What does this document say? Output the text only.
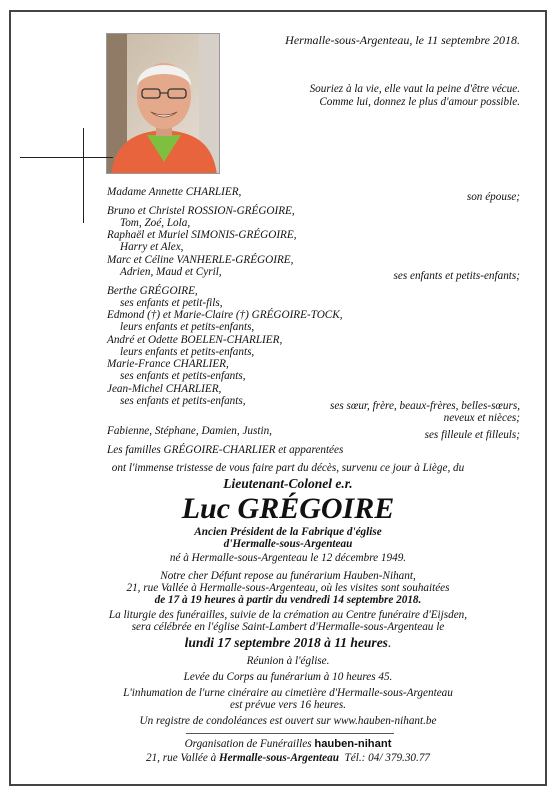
Hermalle-sous-Argenteau, le 11 septembre 2018.
Souriez à la vie, elle vaut la peine d'être vécue.
Comme lui, donnez le plus d'amour possible.
Madame Annette CHARLIER,	son épouse;
Bruno et Christel ROSSION-GRÉGOIRE,
Tom, Zoé, Lola,
Raphaël et Muriel SIMONIS-GRÉGOIRE,
Harry et Alex,
Marc et Céline VANHERLE-GRÉGOIRE,
Adrien, Maud et Cyril,	ses enfants et petits-enfants;
Berthe GRÉGOIRE,
ses enfants et petit-fils,
Edmond (†) et Marie-Claire (†) GRÉGOIRE-TOCK,
leurs enfants et petits-enfants,
André et Odette BOELEN-CHARLIER,
leurs enfants et petits-enfants,
Marie-France CHARLIER,
ses enfants et petits-enfants,
Jean-Michel CHARLIER,
ses enfants et petits-enfants,	ses sœur, frère, beaux-frères, belles-sœurs,
neveux et nièces;
Fabienne, Stéphane, Damien, Justin,	ses filleule et filleuls;
Les familles GRÉGOIRE-CHARLIER et apparentées
ont l'immense tristesse de vous faire part du décès, survenu ce jour à Liège, du
Lieutenant-Colonel e.r.
Luc GRÉGOIRE
Ancien Président de la Fabrique d'église
d'Hermalle-sous-Argenteau
né à Hermalle-sous-Argenteau le 12 décembre 1949.
Notre cher Défunt repose au funérarium Hauben-Nihant,
21, rue Vallée à Hermalle-sous-Argenteau, où les visites sont souhaitées
de 17 à 19 heures à partir du vendredi 14 septembre 2018.
La liturgie des funérailles, suivie de la crémation au Centre funéraire d'Eijsden,
sera célébrée en l'église Saint-Lambert d'Hermalle-sous-Argenteau le
lundi 17 septembre 2018 à 11 heures.
Réunion à l'église.
Levée du Corps au funérarium à 10 heures 45.
L'inhumation de l'urne cinéraire au cimetière d'Hermalle-sous-Argenteau
est prévue vers 16 heures.
Un registre de condoléances est ouvert sur www.hauben-nihant.be
Organisation de Funérailles hauben-nihant
21, rue Vallée à Hermalle-sous-Argenteau Tél.: 04/ 379.30.77
